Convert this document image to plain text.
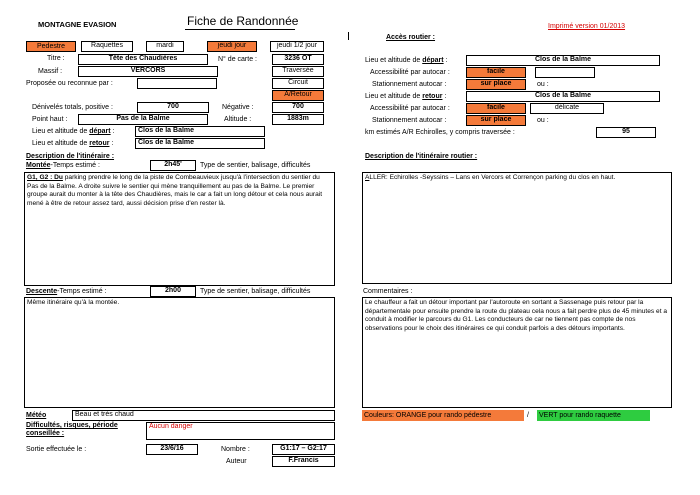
MONTAGNE EVASION	Fiche de Randonnée	Imprimé version 01/2013
Pedestre	Raquettes	mardi	jeudi jour	jeudi 1/2 jour
Titre :	Tête des Chaudières	N° de carte :	3236 OT
Massif :	VERCORS	Traversée
Proposée ou reconnue par :	Circuit
A/Retour
Dénivelés totals, positive :	700	Négative :	700
Point haut :	Pas de la Balme	Altitude :	1883m
Lieu et altitude de départ :	Clos de la Balme
Lieu et altitude de retour :	Clos de la Balme
Description de l'itinéraire :
Montée-Temps estimé :	2h45'	Type de sentier, balisage, difficultés
G1, G2 : Du parking prendre le long de la piste de Combeauvieux jusqu'à l'intersection du sentier du Pas de la Balme. A droite suivre le sentier qui mène tranquillement au pas de la Balme. Le premier groupe aurait du monter à la tête des Chaudières, mais le car a fait un long détour et cela nous aurait mené à être de retour assez tard, aussi décision prise d'en rester là.
Descente-Temps estimé :	2h00	Type de sentier, balisage, difficultés
Même itinéraire qu'à la montée.
Météo	Beau et très chaud
Difficultés, risques, période conseillée :
Aucun danger
Sortie effectuée le :	23/6/16	Nombre :	G1:17 – G2:17
Auteur	F.Francis
Accès routier :
Lieu et altitude de départ :	Clos de la Balme
Accessibilité par autocar :	facile
Stationnement autocar :	sur place	ou :
Lieu et altitude de retour :	Clos de la Balme
Accessibilité par autocar :	facile	délicate
Stationnement autocar :	sur place	ou :
km estimés A/R Echirolles, y compris traversée :	95
Description de l'itinéraire routier :
ALLER: Echirolles -Seyssins – Lans en Vercors et Corrençon parking du clos en haut.
Commentaires :
Le chauffeur a fait un détour important par l'autoroute en sortant a Sassenage puis retour par la départementale pour ensuite prendre la route du plateau cela nous a fait perdre plus de 45 minutes et a conduit à modifier le parcours du G1. Les conducteurs de car ne tiennent pas compte de nos observations pour le choix des itinéraires ce qui conduit parfois a des détours importants.
Couleurs: ORANGE pour rando pédestre	/ VERT pour rando raquette
